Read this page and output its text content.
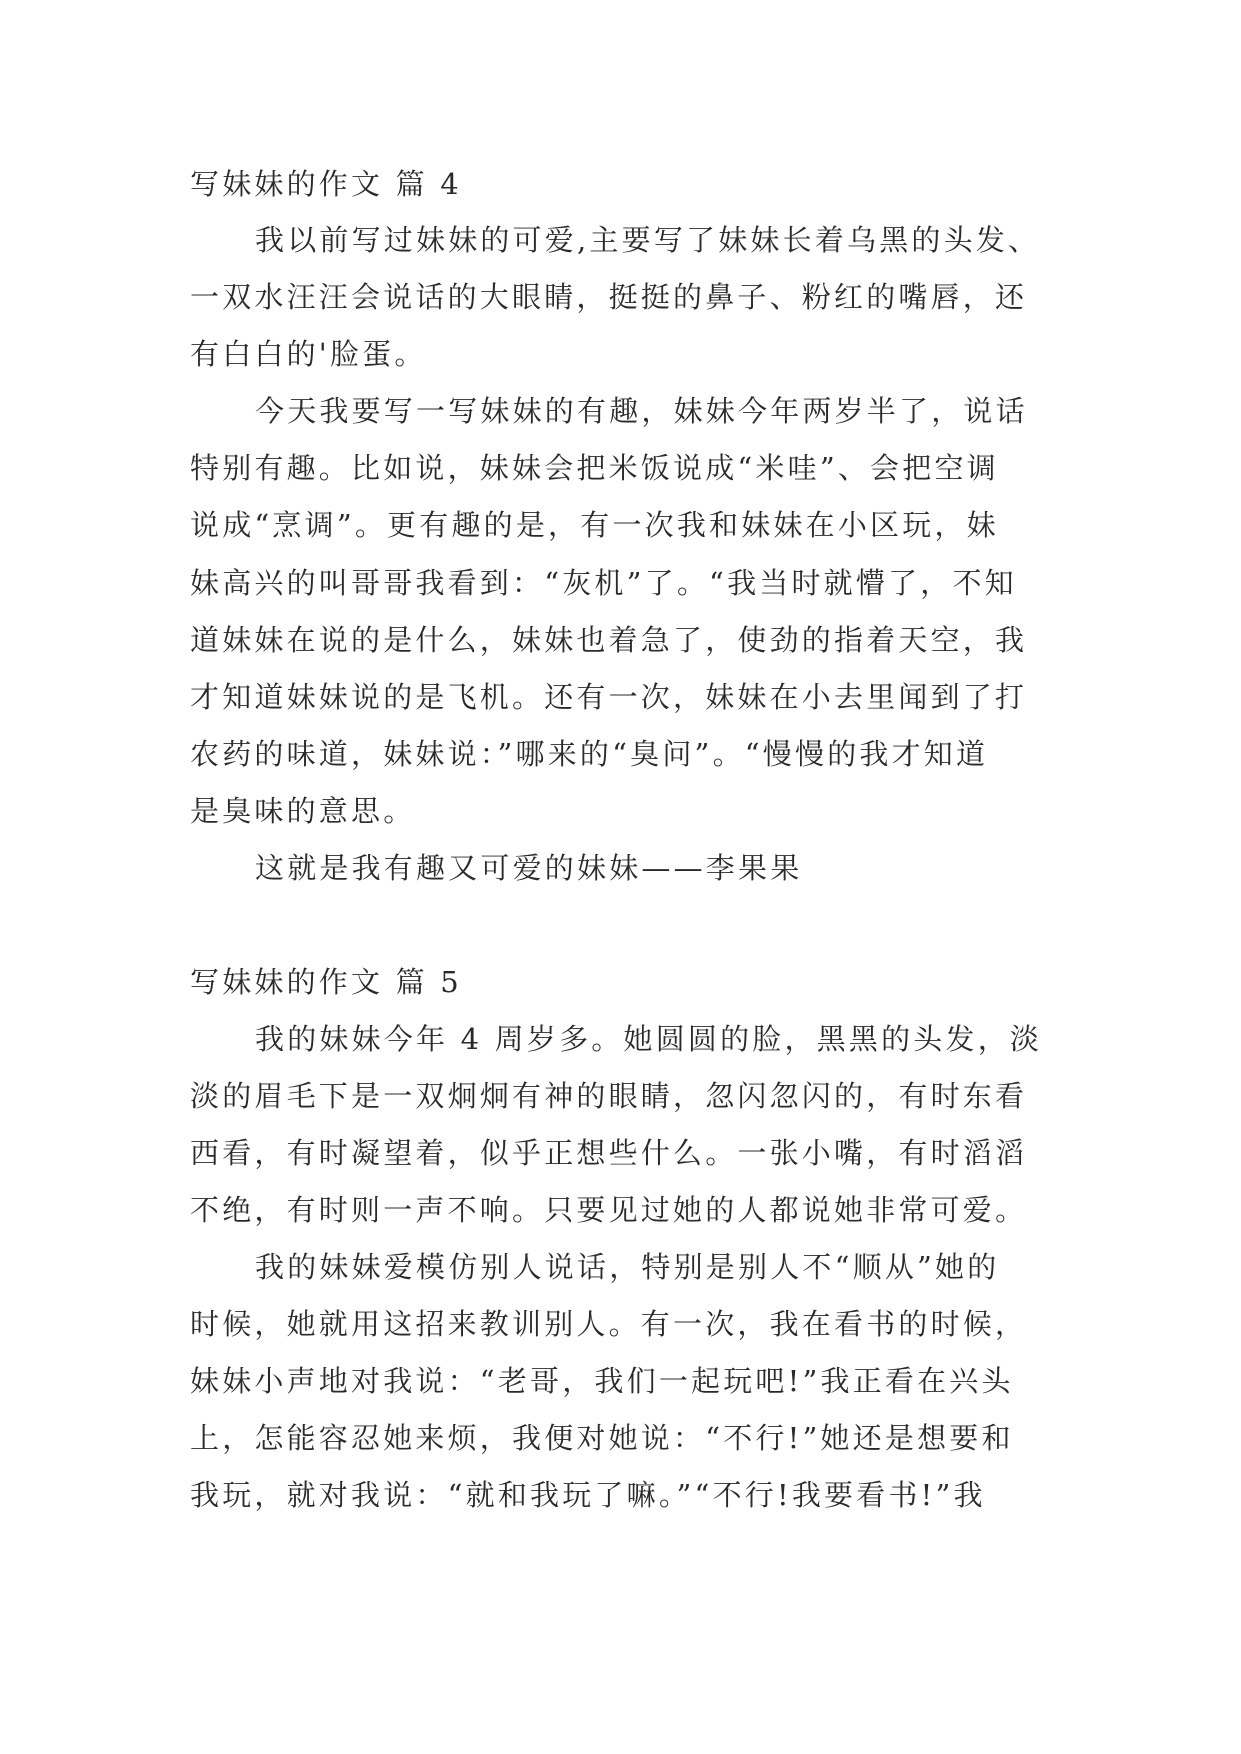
写妹妹的作文 篇 4
我以前写过妹妹的可爱,主要写了妹妹长着乌黑的头发、
一双水汪汪会说话的大眼睛，挺挺的鼻子、粉红的嘴唇，还
有白白的'脸蛋。
今天我要写一写妹妹的有趣，妹妹今年两岁半了，说话
特别有趣。比如说，妹妹会把米饭说成“米哇”、会把空调
说成“烹调”。更有趣的是，有一次我和妹妹在小区玩，妹
妹高兴的叫哥哥我看到：“灰机”了。“我当时就懵了，不知
道妹妹在说的是什么，妹妹也着急了，使劲的指着天空，我
才知道妹妹说的是飞机。还有一次，妹妹在小去里闻到了打
农药的味道，妹妹说：”哪来的“臭问”。“慢慢的我才知道
是臭味的意思。
这就是我有趣又可爱的妹妹——李果果
写妹妹的作文 篇 5
我的妹妹今年 4 周岁多。她圆圆的脸，黑黑的头发，淡
淡的眉毛下是一双炯炯有神的眼睛，忽闪忽闪的，有时东看
西看，有时凝望着，似乎正想些什么。一张小嘴，有时滔滔
不绝，有时则一声不响。只要见过她的人都说她非常可爱。
我的妹妹爱模仿别人说话，特别是别人不“顺从”她的
时候，她就用这招来教训别人。有一次，我在看书的时候，
妹妹小声地对我说：“老哥，我们一起玩吧!”我正看在兴头
上，怎能容忍她来烦，我便对她说：“不行!”她还是想要和
我玩，就对我说：“就和我玩了嘛。”“不行!我要看书!”我
